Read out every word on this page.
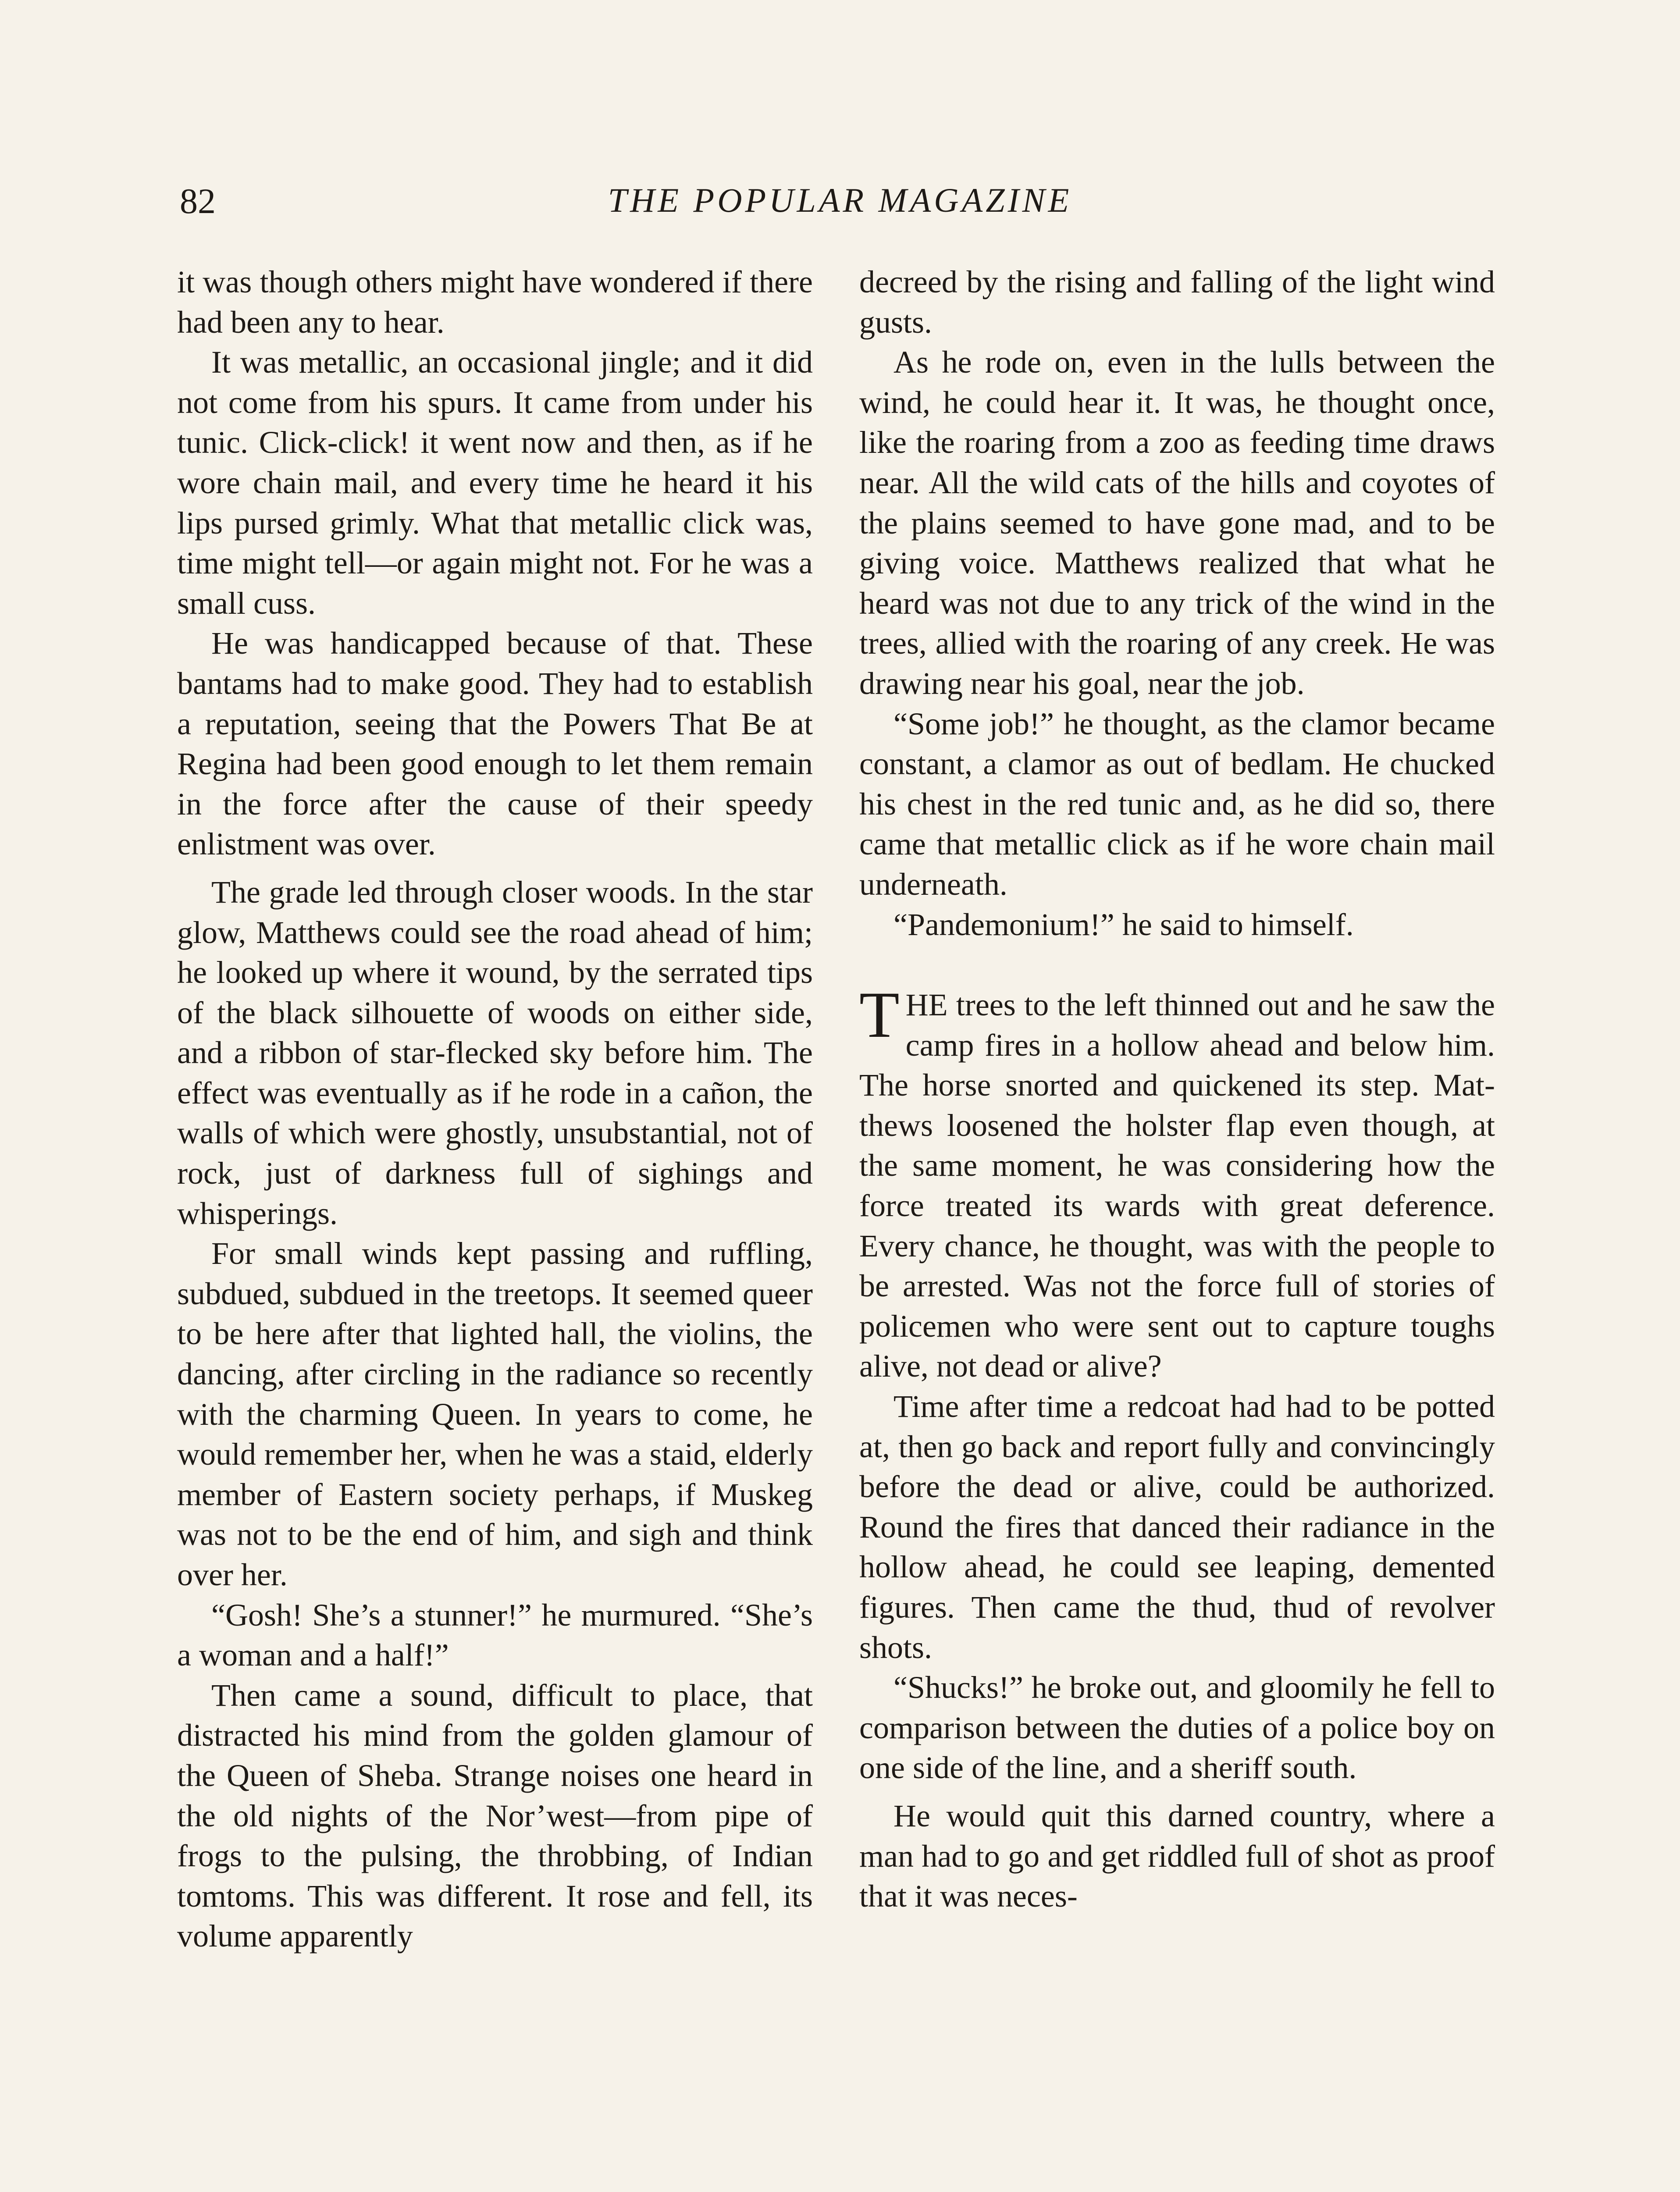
82	THE POPULAR MAGAZINE

it was though others might have wondered if there had been any to hear.

It was metallic, an occasional jingle; and it did not come from his spurs. It came from under his tunic. Click-click! it went now and then, as if he wore chain mail, and every time he heard it his lips pursed grimly. What that metallic click was, time might tell—or again might not. For he was a small cuss.

He was handicapped because of that. These bantams had to make good. They had to establish a reputation, seeing that the Powers That Be at Regina had been good enough to let them remain in the force after the cause of their speedy enlistment was over.

The grade led through closer woods. In the star glow, Matthews could see the road ahead of him; he looked up where it wound, by the serrated tips of the black silhouette of woods on either side, and a ribbon of star-flecked sky before him. The effect was eventually as if he rode in a cañon, the walls of which were ghostly, unsubstantial, not of rock, just of darkness full of sighings and whisperings.

For small winds kept passing and ruffling, subdued, subdued in the treetops. It seemed queer to be here after that lighted hall, the violins, the dancing, after circling in the radiance so recently with the charming Queen. In years to come, he would remember her, when he was a staid, elderly member of Eastern society perhaps, if Muskeg was not to be the end of him, and sigh and think over her.

“Gosh! She’s a stunner!” he murmured. “She’s a woman and a half!”

Then came a sound, difficult to place, that distracted his mind from the golden glamour of the Queen of Sheba. Strange noises one heard in the old nights of the Nor’west—from pipe of frogs to the pulsing, the throbbing, of Indian tomtoms. This was different. It rose and fell, its volume apparently

decreed by the rising and falling of the light wind gusts.

As he rode on, even in the lulls between the wind, he could hear it. It was, he thought once, like the roaring from a zoo as feeding time draws near. All the wild cats of the hills and coyotes of the plains seemed to have gone mad, and to be giving voice. Matthews realized that what he heard was not due to any trick of the wind in the trees, allied with the roaring of any creek. He was drawing near his goal, near the job.

“Some job!” he thought, as the clamor became constant, a clamor as out of bedlam. He chucked his chest in the red tunic and, as he did so, there came that metallic click as if he wore chain mail underneath.

“Pandemonium!” he said to himself.

THE trees to the left thinned out and he saw the camp fires in a hollow ahead and below him. The horse snorted and quickened its step. Matthews loosened the holster flap even though, at the same moment, he was considering how the force treated its wards with great deference. Every chance, he thought, was with the people to be arrested. Was not the force full of stories of policemen who were sent out to capture toughs alive, not dead or alive?

Time after time a redcoat had had to be potted at, then go back and report fully and convincingly before the dead or alive, could be authorized. Round the fires that danced their radiance in the hollow ahead, he could see leaping, demented figures. Then came the thud, thud of revolver shots.

“Shucks!” he broke out, and gloomily he fell to comparison between the duties of a police boy on one side of the line, and a sheriff south.

He would quit this darned country, where a man had to go and get riddled full of shot as proof that it was neces-
